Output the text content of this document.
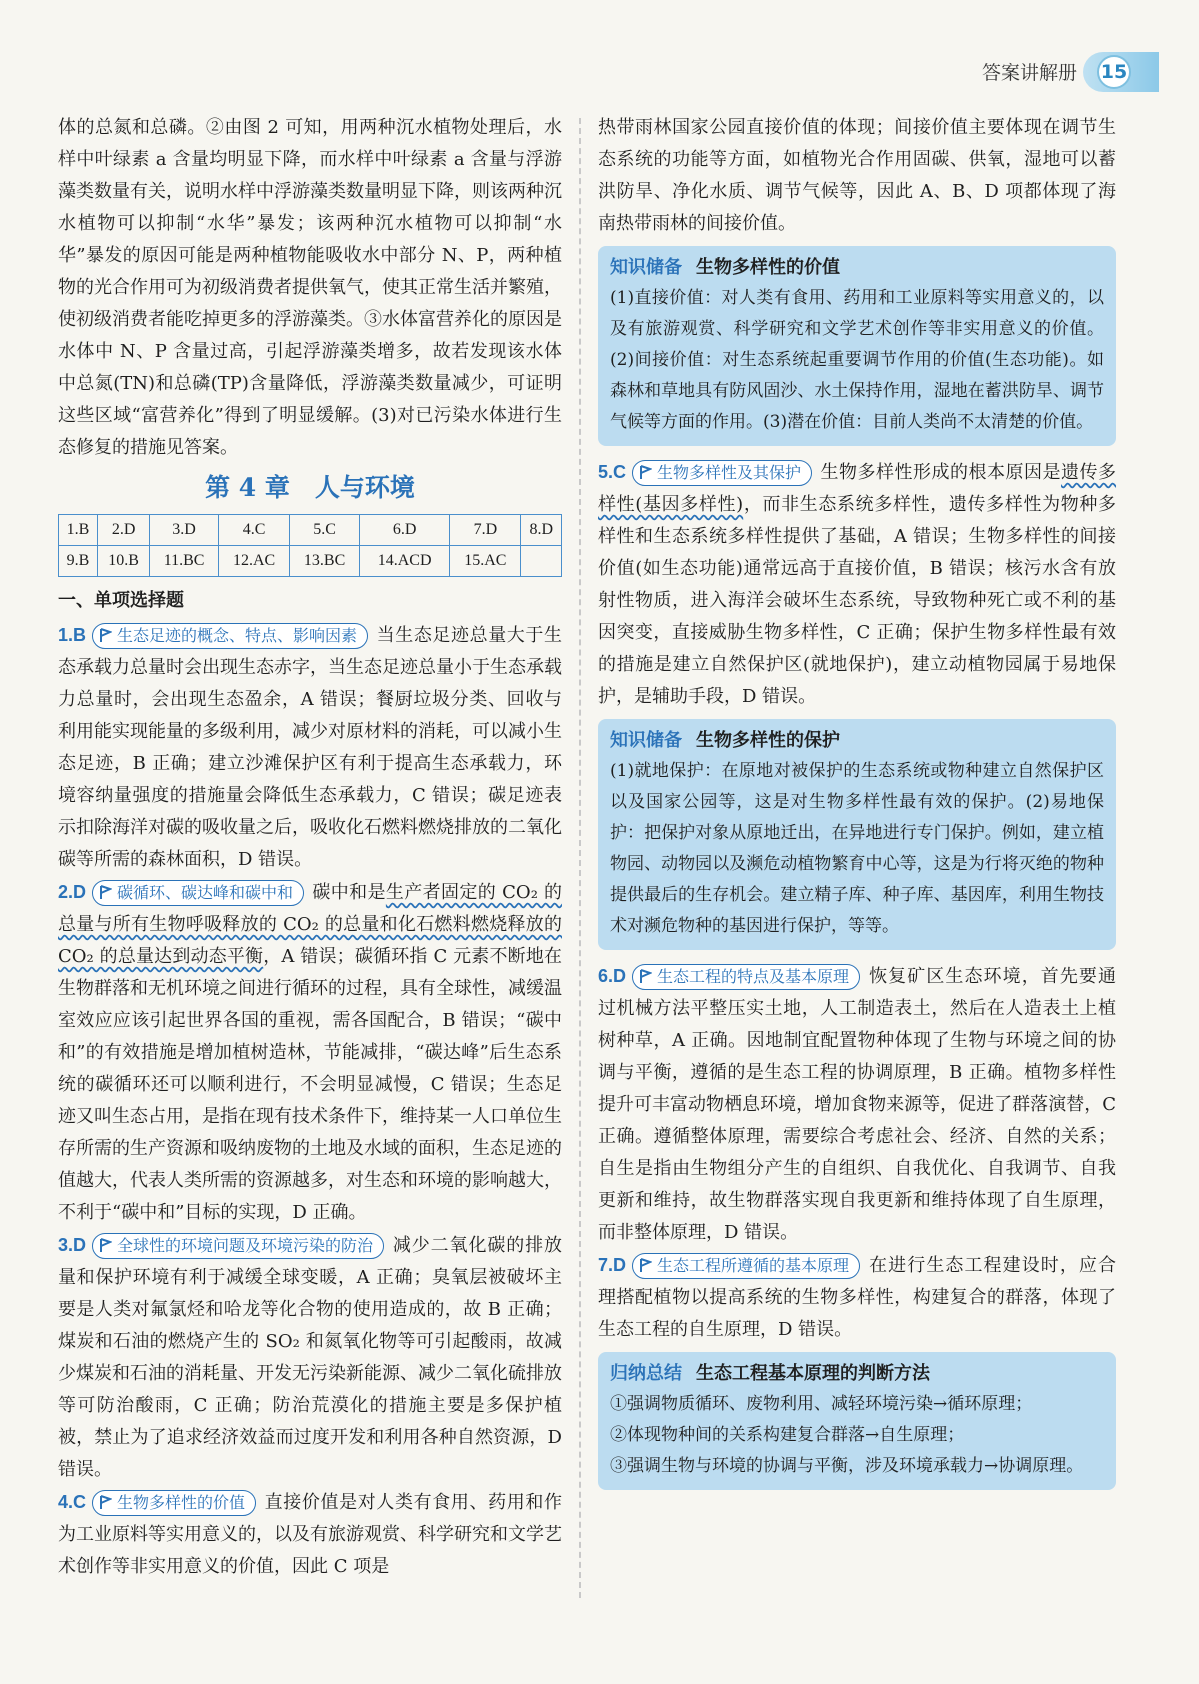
答案讲解册 15

体的总氮和总磷。②由图 2 可知，用两种沉水植物处理后，水样中叶绿素 a 含量均明显下降，而水样中叶绿素 a 含量与浮游藻类数量有关，说明水样中浮游藻类数量明显下降，则该两种沉水植物可以抑制“水华”暴发；该两种沉水植物可以抑制“水华”暴发的原因可能是两种植物能吸收水中部分 N、P，两种植物的光合作用可为初级消费者提供氧气，使其正常生活并繁殖，使初级消费者能吃掉更多的浮游藻类。③水体富营养化的原因是水体中 N、P 含量过高，引起浮游藻类增多，故若发现该水体中总氮(TN)和总磷(TP)含量降低，浮游藻类数量减少，可证明这些区域“富营养化”得到了明显缓解。(3)对已污染水体进行生态修复的措施见答案。

第 4 章　人与环境
1.B	2.D	3.D	4.C	5.C	6.D	7.D	8.D
9.B	10.B	11.BC	12.AC	13.BC	14.ACD	15.AC	
一、单项选择题

1.B 生态足迹的概念、特点、影响因素 当生态足迹总量大于生态承载力总量时会出现生态赤字，当生态足迹总量小于生态承载力总量时，会出现生态盈余，A 错误；餐厨垃圾分类、回收与利用能实现能量的多级利用，减少对原材料的消耗，可以减小生态足迹，B 正确；建立沙滩保护区有利于提高生态承载力，环境容纳量强度的措施量会降低生态承载力，C 错误；碳足迹表示扣除海洋对碳的吸收量之后，吸收化石燃料燃烧排放的二氧化碳等所需的森林面积，D 错误。

2.D 碳循环、碳达峰和碳中和 碳中和是生产者固定的 CO₂ 的总量与所有生物呼吸释放的 CO₂ 的总量和化石燃料燃烧释放的 CO₂ 的总量达到动态平衡，A 错误；碳循环指 C 元素不断地在生物群落和无机环境之间进行循环的过程，具有全球性，减缓温室效应应该引起世界各国的重视，需各国配合，B 错误；“碳中和”的有效措施是增加植树造林，节能减排，“碳达峰”后生态系统的碳循环还可以顺利进行，不会明显减慢，C 错误；生态足迹又叫生态占用，是指在现有技术条件下，维持某一人口单位生存所需的生产资源和吸纳废物的土地及水域的面积，生态足迹的值越大，代表人类所需的资源越多，对生态和环境的影响越大，不利于“碳中和”目标的实现，D 正确。

3.D 全球性的环境问题及环境污染的防治 减少二氧化碳的排放量和保护环境有利于减缓全球变暖，A 正确；臭氧层被破坏主要是人类对氟氯烃和哈龙等化合物的使用造成的，故 B 正确；煤炭和石油的燃烧产生的 SO₂ 和氮氧化物等可引起酸雨，故减少煤炭和石油的消耗量、开发无污染新能源、减少二氧化硫排放等可防治酸雨，C 正确；防治荒漠化的措施主要是多保护植被，禁止为了追求经济效益而过度开发和利用各种自然资源，D 错误。

4.C 生物多样性的价值 直接价值是对人类有食用、药用和作为工业原料等实用意义的，以及有旅游观赏、科学研究和文学艺术创作等非实用意义的价值，因此 C 项是

热带雨林国家公园直接价值的体现；间接价值主要体现在调节生态系统的功能等方面，如植物光合作用固碳、供氧，湿地可以蓄洪防旱、净化水质、调节气候等，因此 A、B、D 项都体现了海南热带雨林的间接价值。

知识储备 生物多样性的价值
(1)直接价值：对人类有食用、药用和工业原料等实用意义的，以及有旅游观赏、科学研究和文学艺术创作等非实用意义的价值。(2)间接价值：对生态系统起重要调节作用的价值(生态功能)。如森林和草地具有防风固沙、水土保持作用，湿地在蓄洪防旱、调节气候等方面的作用。(3)潜在价值：目前人类尚不太清楚的价值。

5.C 生物多样性及其保护 生物多样性形成的根本原因是遗传多样性(基因多样性)，而非生态系统多样性，遗传多样性为物种多样性和生态系统多样性提供了基础，A 错误；生物多样性的间接价值(如生态功能)通常远高于直接价值，B 错误；核污水含有放射性物质，进入海洋会破坏生态系统，导致物种死亡或不利的基因突变，直接威胁生物多样性，C 正确；保护生物多样性最有效的措施是建立自然保护区(就地保护)，建立动植物园属于易地保护，是辅助手段，D 错误。

知识储备 生物多样性的保护
(1)就地保护：在原地对被保护的生态系统或物种建立自然保护区以及国家公园等，这是对生物多样性最有效的保护。(2)易地保护：把保护对象从原地迁出，在异地进行专门保护。例如，建立植物园、动物园以及濒危动植物繁育中心等，这是为行将灭绝的物种提供最后的生存机会。建立精子库、种子库、基因库，利用生物技术对濒危物种的基因进行保护，等等。

6.D 生态工程的特点及基本原理 恢复矿区生态环境，首先要通过机械方法平整压实土地，人工制造表土，然后在人造表土上植树种草，A 正确。因地制宜配置物种体现了生物与环境之间的协调与平衡，遵循的是生态工程的协调原理，B 正确。植物多样性提升可丰富动物栖息环境，增加食物来源等，促进了群落演替，C 正确。遵循整体原理，需要综合考虑社会、经济、自然的关系；自生是指由生物组分产生的自组织、自我优化、自我调节、自我更新和维持，故生物群落实现自我更新和维持体现了自生原理，而非整体原理，D 错误。

7.D 生态工程所遵循的基本原理 在进行生态工程建设时，应合理搭配植物以提高系统的生物多样性，构建复合的群落，体现了生态工程的自生原理，D 错误。

归纳总结 生态工程基本原理的判断方法
①强调物质循环、废物利用、减轻环境污染→循环原理；
②体现物种间的关系构建复合群落→自生原理；
③强调生物与环境的协调与平衡，涉及环境承载力→协调原理。
